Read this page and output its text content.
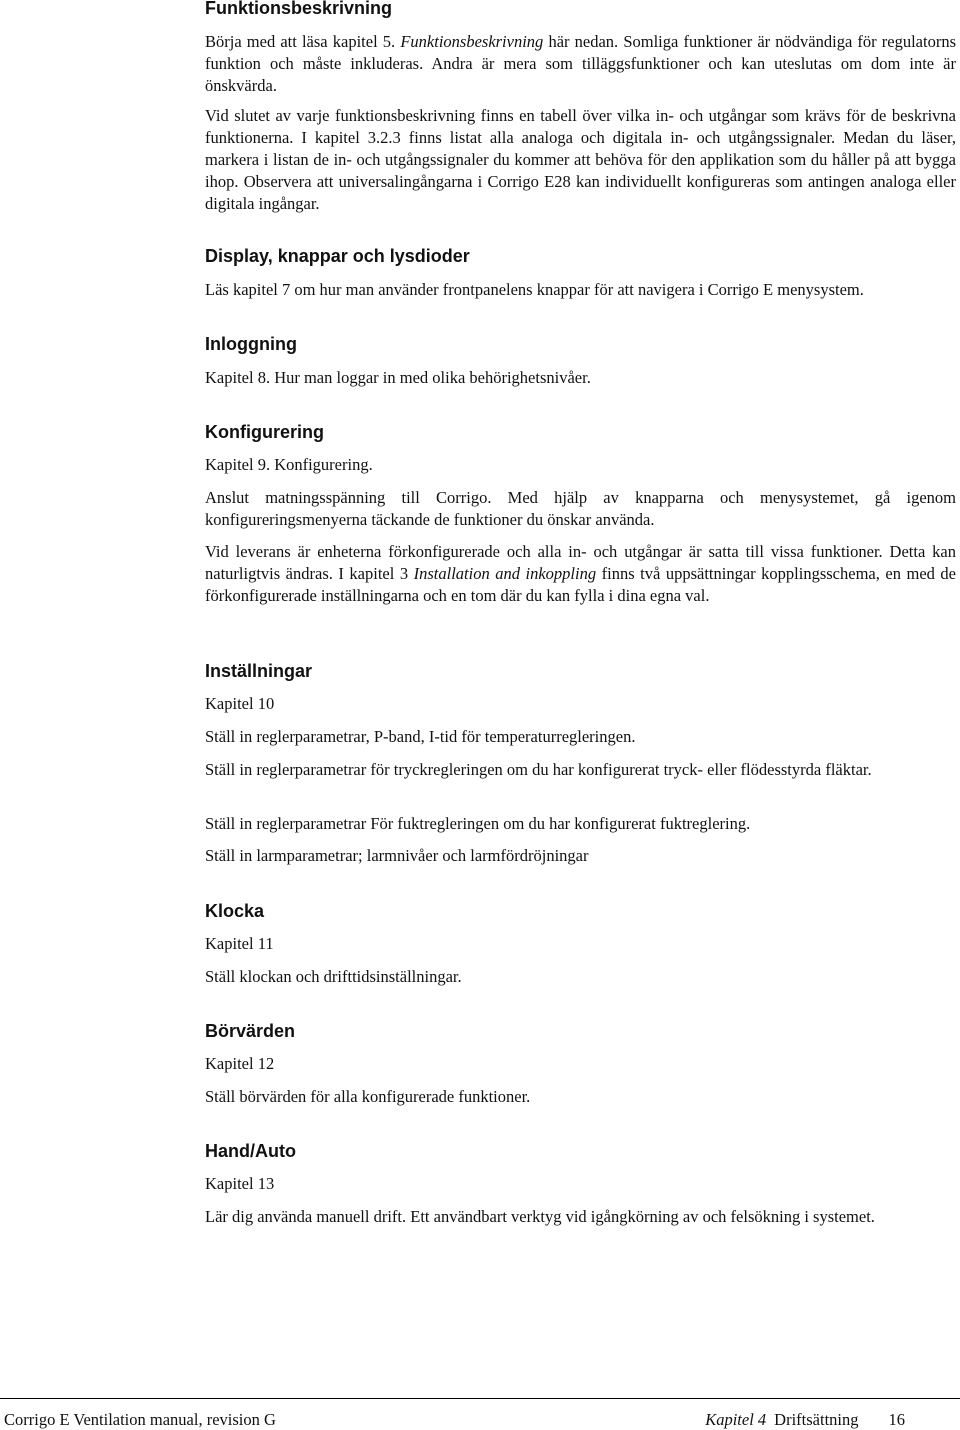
Funktionsbeskrivning

Börja med att läsa kapitel 5. Funktionsbeskrivning här nedan. Somliga funktioner är nödvändiga för regulatorns funktion och måste inkluderas. Andra är mera som tilläggsfunktioner och kan uteslutas om dom inte är önskvärda.

Vid slutet av varje funktionsbeskrivning finns en tabell över vilka in- och utgångar som krävs för de beskrivna funktionerna. I kapitel 3.2.3 finns listat alla analoga och digitala in- och utgångssignaler. Medan du läser, markera i listan de in- och utgångssignaler du kommer att behöva för den applikation som du håller på att bygga ihop. Observera att universalingångarna i Corrigo E28 kan individuellt konfigureras som antingen analoga eller digitala ingångar.

Display, knappar och lysdioder

Läs kapitel 7 om hur man använder frontpanelens knappar för att navigera i Corrigo E menysystem.

Inloggning

Kapitel 8. Hur man loggar in med olika behörighetsnivåer.

Konfigurering

Kapitel 9. Konfigurering.

Anslut matningsspänning till Corrigo. Med hjälp av knapparna och menysystemet, gå igenom konfigureringsmenyerna täckande de funktioner du önskar använda.

Vid leverans är enheterna förkonfigurerade och alla in- och utgångar är satta till vissa funktioner. Detta kan naturligtvis ändras. I kapitel 3 Installation and inkoppling finns två uppsättningar kopplingsschema, en med de förkonfigurerade inställningarna och en tom där du kan fylla i dina egna val.

Inställningar

Kapitel 10

Ställ in reglerparametrar, P-band, I-tid för temperaturregleringen.

Ställ in reglerparametrar för tryckregleringen om du har konfigurerat tryck- eller flödesstyrda fläktar.

Ställ in reglerparametrar För fuktregleringen om du har konfigurerat fuktreglering.

Ställ in larmparametrar; larmnivåer och larmfördröjningar

Klocka

Kapitel 11

Ställ klockan och drifttidsinställningar.

Börvärden

Kapitel 12

Ställ börvärden för alla konfigurerade funktioner.

Hand/Auto

Kapitel 13

Lär dig använda manuell drift. Ett användbart verktyg vid igångkörning av och felsökning i systemet.

Corrigo E Ventilation manual, revision G	Kapitel 4 Driftsättning 16
